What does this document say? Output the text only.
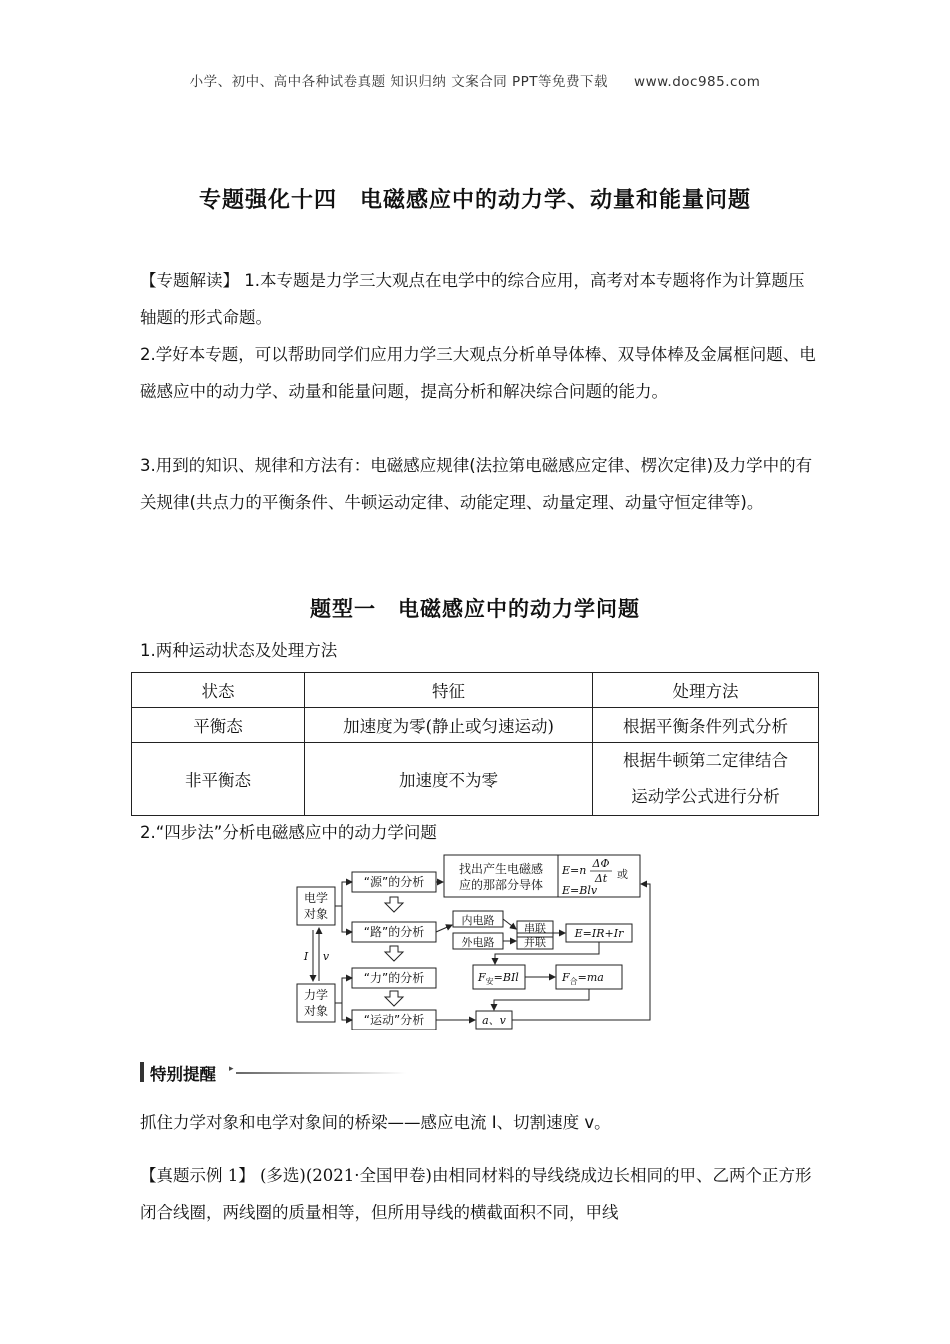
小学、初中、高中各种试卷真题 知识归纳 文案合同 PPT等免费下载 www.doc985.com
专题强化十四　电磁感应中的动力学、动量和能量问题
【专题解读】 1.本专题是力学三大观点在电学中的综合应用，高考对本专题将作为计算题压轴题的形式命题。
2.学好本专题，可以帮助同学们应用力学三大观点分析单导体棒、双导体棒及金属框问题、电磁感应中的动力学、动量和能量问题，提高分析和解决综合问题的能力。
3.用到的知识、规律和方法有：电磁感应规律(法拉第电磁感应定律、楞次定律)及力学中的有关规律(共点力的平衡条件、牛顿运动定律、动能定理、动量定理、动量守恒定律等)。
题型一　电磁感应中的动力学问题
1.两种运动状态及处理方法
状态	特征	处理方法
平衡态	加速度为零(静止或匀速运动)	根据平衡条件列式分析
非平衡态	加速度不为零	根据牛顿第二定律结合
运动学公式进行分析
2.“四步法”分析电磁感应中的动力学问题
电学
对象
力学
对象
“源”的分析
“路”的分析
“力”的分析
“运动”分析
找出产生电磁感
应的那部分导体
内电路
外电路
串联
并联
或
E=n
ΔΦ
Δt
E=Blv
E=IR+Ir
$F_安=BIl$	$F_合=ma$
a、v
I v
特别提醒 ▸
抓住力学对象和电学对象间的桥梁——感应电流 I、切割速度 v。
【真题示例 1】 (多选)(2021·全国甲卷)由相同材料的导线绕成边长相同的甲、乙两个正方形闭合线圈，两线圈的质量相等，但所用导线的横截面积不同，甲线
